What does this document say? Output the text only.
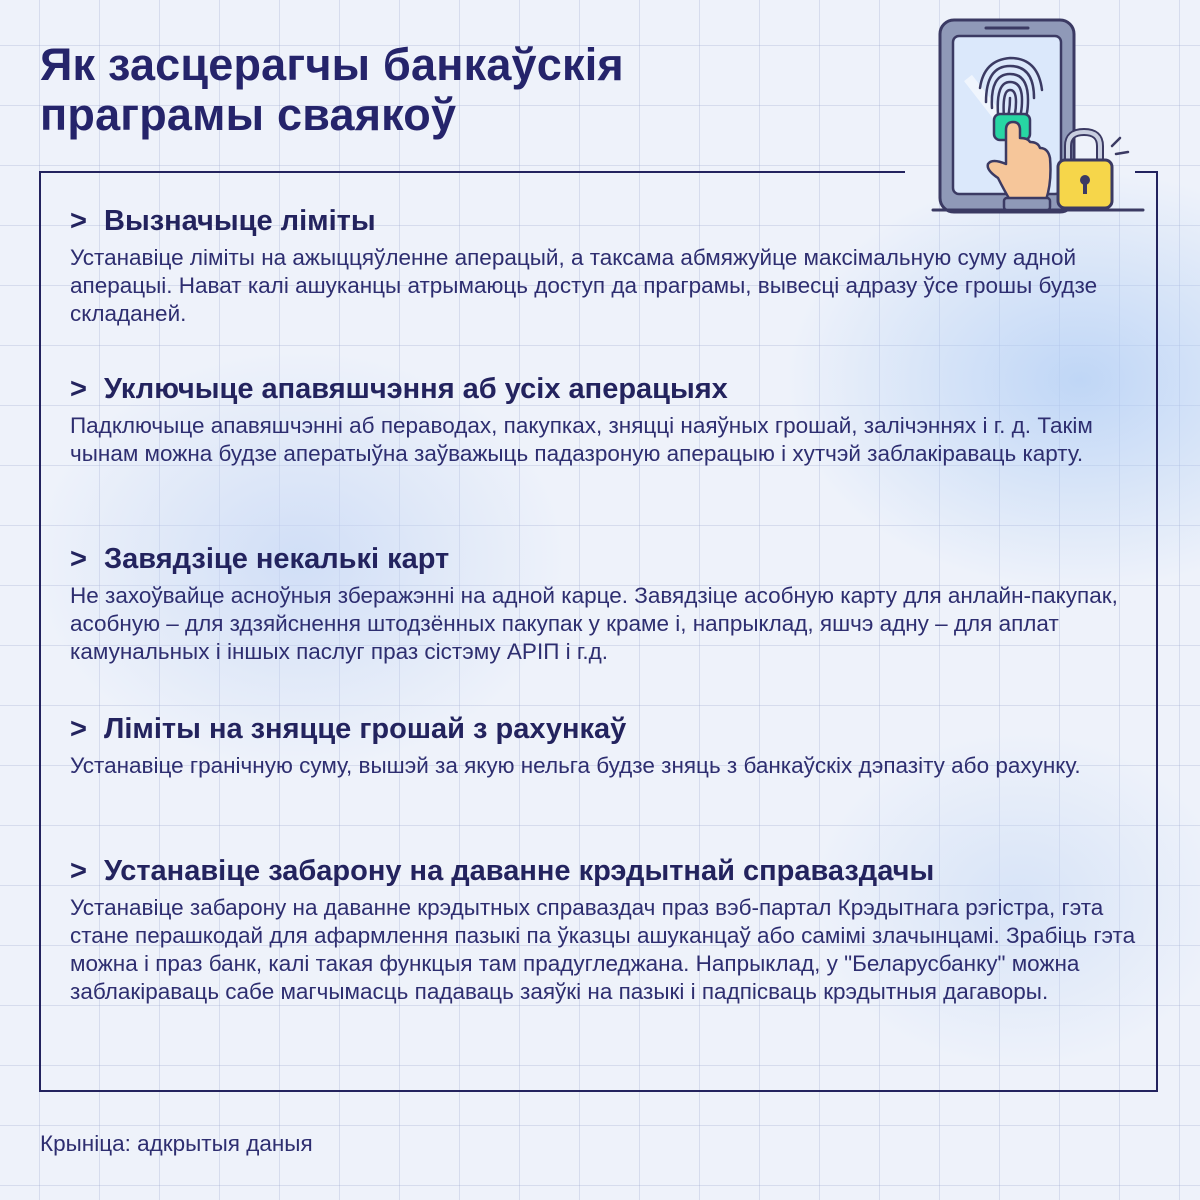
Як засцерагчы банкаўскія
праграмы сваякоў
> Вызначыце ліміты

Устанавіце ліміты на ажыццяўленне аперацый, а таксама абмяжуйце максімальную суму адной аперацыі. Нават калі ашуканцы атрымаюць доступ да праграмы, вывесці адразу ўсе грошы будзе складаней.

> Уключыце апавяшчэння аб усіх аперацыях

Падключыце апавяшчэнні аб пераводах, пакупках, зняцці наяўных грошай, залічэннях і г. д. Такім чынам можна будзе аператыўна заўважыць падазроную аперацыю і хутчэй заблакіраваць карту.

> Завядзіце некалькі карт

Не захоўвайце асноўныя зберажэнні на адной карце. Завядзіце асобную карту для анлайн-пакупак, асобную – для здзяйснення штодзённых пакупак у краме і, напрыклад, яшчэ адну – для аплат камунальных і іншых паслуг праз сістэму АРІП і г.д.

> Ліміты на зняцце грошай з рахункаў

Устанавіце гранічную суму, вышэй за якую нельга будзе зняць з банкаўскіх дэпазіту або рахунку.

> Устанавіце забарону на даванне крэдытнай справаздачы

Устанавіце забарону на даванне крэдытных справаздач праз вэб-партал Крэдытнага рэгістра, гэта стане перашкодай для афармлення пазыкі па ўказцы ашуканцаў або самімі злачынцамі. Зрабіць гэта можна і праз банк, калі такая функцыя там прадугледжана. Напрыклад, у "Беларусбанку" можна заблакіраваць сабе магчымасць падаваць заяўкі на пазыкі і падпісваць крэдытныя дагаворы.

Крыніца: адкрытыя даныя
